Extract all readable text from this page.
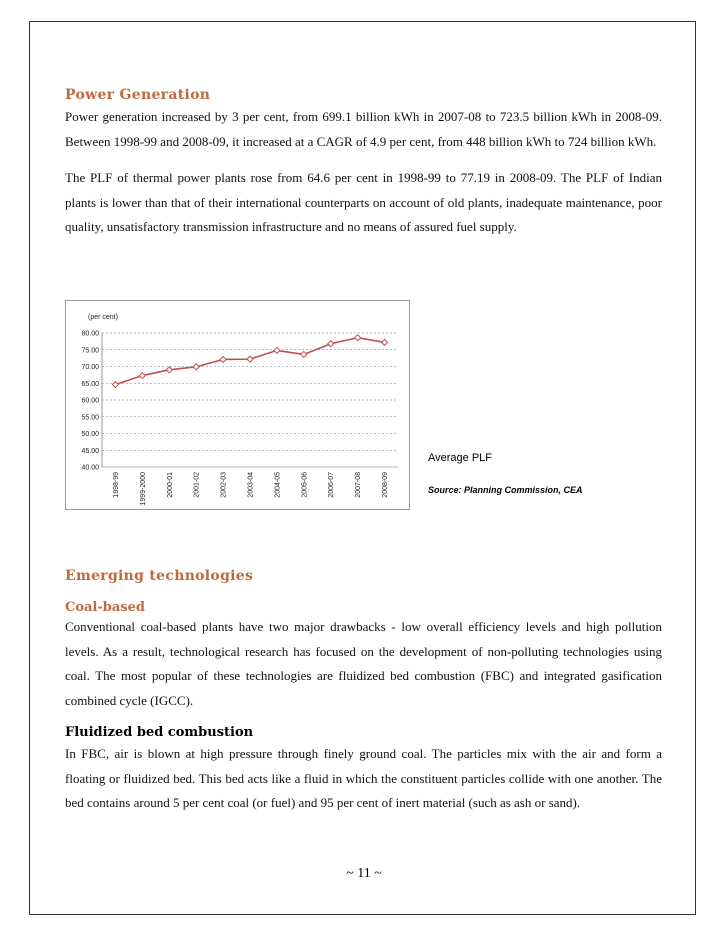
Power Generation

Power generation increased by 3 per cent, from 699.1 billion kWh in 2007-08 to 723.5 billion kWh in 2008-09. Between 1998-99 and 2008-09, it increased at a CAGR of 4.9 per cent, from 448 billion kWh to 724 billion kWh.

The PLF of thermal power plants rose from 64.6 per cent in 1998-99 to 77.19 in 2008-09. The PLF of Indian plants is lower than that of their international counterparts on account of old plants, inadequate maintenance, poor quality, unsatisfactory transmission infrastructure and no means of assured fuel supply.

(per cent)
80.00
75.00
70.00
65.00
60.00
55.00
50.00
45.00
40.00
1998-99	1999-2000	2000-01	2001-02	2002-03	2003-04	2004-05	2005-06	2006-07	2007-08	2008-09
Average PLF
Source: Planning Commission, CEA
Emerging technologies
Coal-based

Conventional coal-based plants have two major drawbacks - low overall efficiency levels and high pollution levels. As a result, technological research has focused on the development of non-polluting technologies using coal. The most popular of these technologies are fluidized bed combustion (FBC) and integrated gasification combined cycle (IGCC).

Fluidized bed combustion

In FBC, air is blown at high pressure through finely ground coal. The particles mix with the air and form a floating or fluidized bed. This bed acts like a fluid in which the constituent particles collide with one another. The bed contains around 5 per cent coal (or fuel) and 95 per cent of inert material (such as ash or sand).

~ 11 ~
